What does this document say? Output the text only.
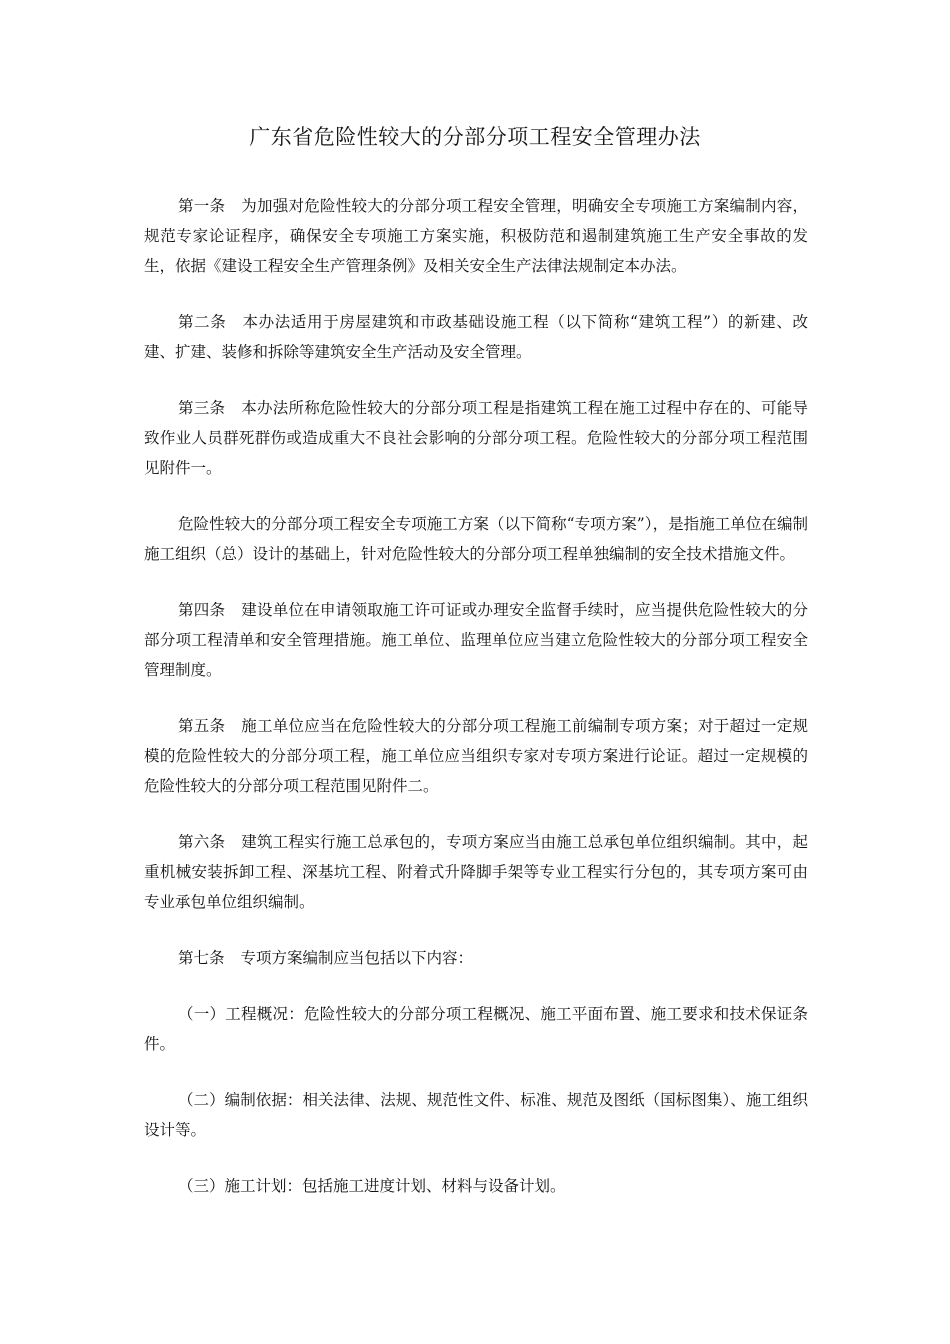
广东省危险性较大的分部分项工程安全管理办法

第一条 为加强对危险性较大的分部分项工程安全管理，明确安全专项施工方案编制内容，规范专家论证程序，确保安全专项施工方案实施，积极防范和遏制建筑施工生产安全事故的发生，依据《建设工程安全生产管理条例》及相关安全生产法律法规制定本办法。

第二条 本办法适用于房屋建筑和市政基础设施工程（以下简称“建筑工程”）的新建、改建、扩建、装修和拆除等建筑安全生产活动及安全管理。

第三条 本办法所称危险性较大的分部分项工程是指建筑工程在施工过程中存在的、可能导致作业人员群死群伤或造成重大不良社会影响的分部分项工程。危险性较大的分部分项工程范围见附件一。

危险性较大的分部分项工程安全专项施工方案（以下简称“专项方案”），是指施工单位在编制施工组织（总）设计的基础上，针对危险性较大的分部分项工程单独编制的安全技术措施文件。

第四条 建设单位在申请领取施工许可证或办理安全监督手续时，应当提供危险性较大的分部分项工程清单和安全管理措施。施工单位、监理单位应当建立危险性较大的分部分项工程安全管理制度。

第五条 施工单位应当在危险性较大的分部分项工程施工前编制专项方案；对于超过一定规模的危险性较大的分部分项工程，施工单位应当组织专家对专项方案进行论证。超过一定规模的危险性较大的分部分项工程范围见附件二。

第六条 建筑工程实行施工总承包的，专项方案应当由施工总承包单位组织编制。其中，起重机械安装拆卸工程、深基坑工程、附着式升降脚手架等专业工程实行分包的，其专项方案可由专业承包单位组织编制。

第七条 专项方案编制应当包括以下内容：

（一）工程概况：危险性较大的分部分项工程概况、施工平面布置、施工要求和技术保证条件。

（二）编制依据：相关法律、法规、规范性文件、标准、规范及图纸（国标图集）、施工组织设计等。

（三）施工计划：包括施工进度计划、材料与设备计划。
